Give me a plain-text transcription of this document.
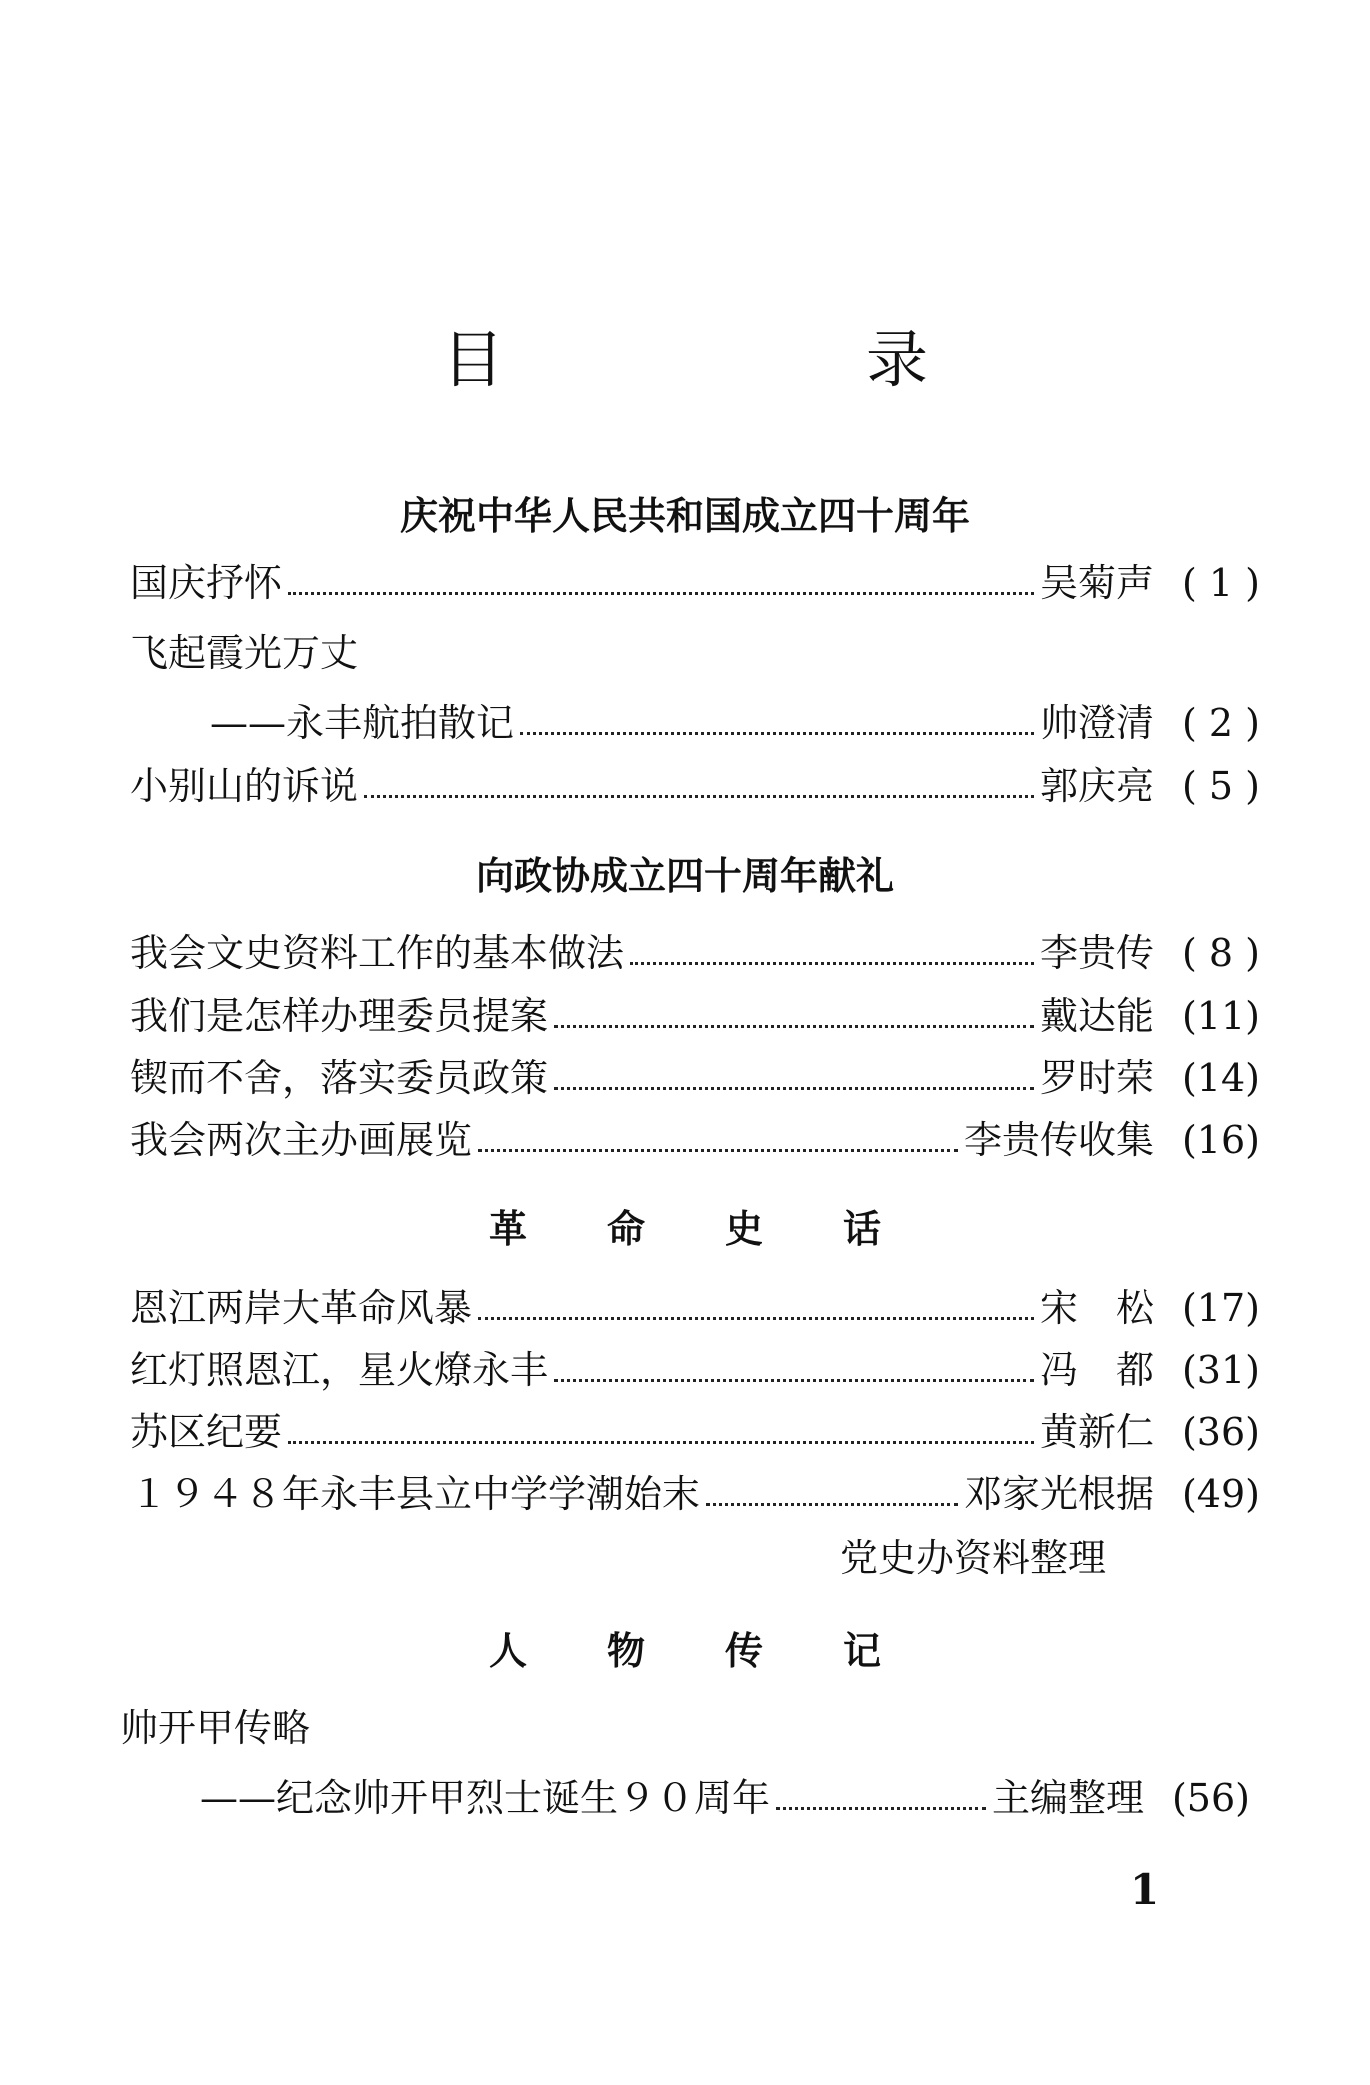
目　录
庆祝中华人民共和国成立四十周年
国庆抒怀	吴菊声 ( 1 )
飞起霞光万丈
——永丰航拍散记	帅澄清 ( 2 )
小别山的诉说	郭庆亮 ( 5 )
向政协成立四十周年献礼
我会文史资料工作的基本做法	李贵传 ( 8 )
我们是怎样办理委员提案	戴达能 (11)
锲而不舍，落实委员政策	罗时荣 (14)
我会两次主办画展览	李贵传收集 (16)
革命史话
恩江两岸大革命风暴	宋　松 (17)
红灯照恩江，星火燎永丰	冯　都 (31)
苏区纪要	黄新仁 (36)
１９４８年永丰县立中学学潮始末	邓家光根据 (49)
党史办资料整理
人物传记
帅开甲传略
——纪念帅开甲烈士诞生９０周年	主编整理 (56)
1
